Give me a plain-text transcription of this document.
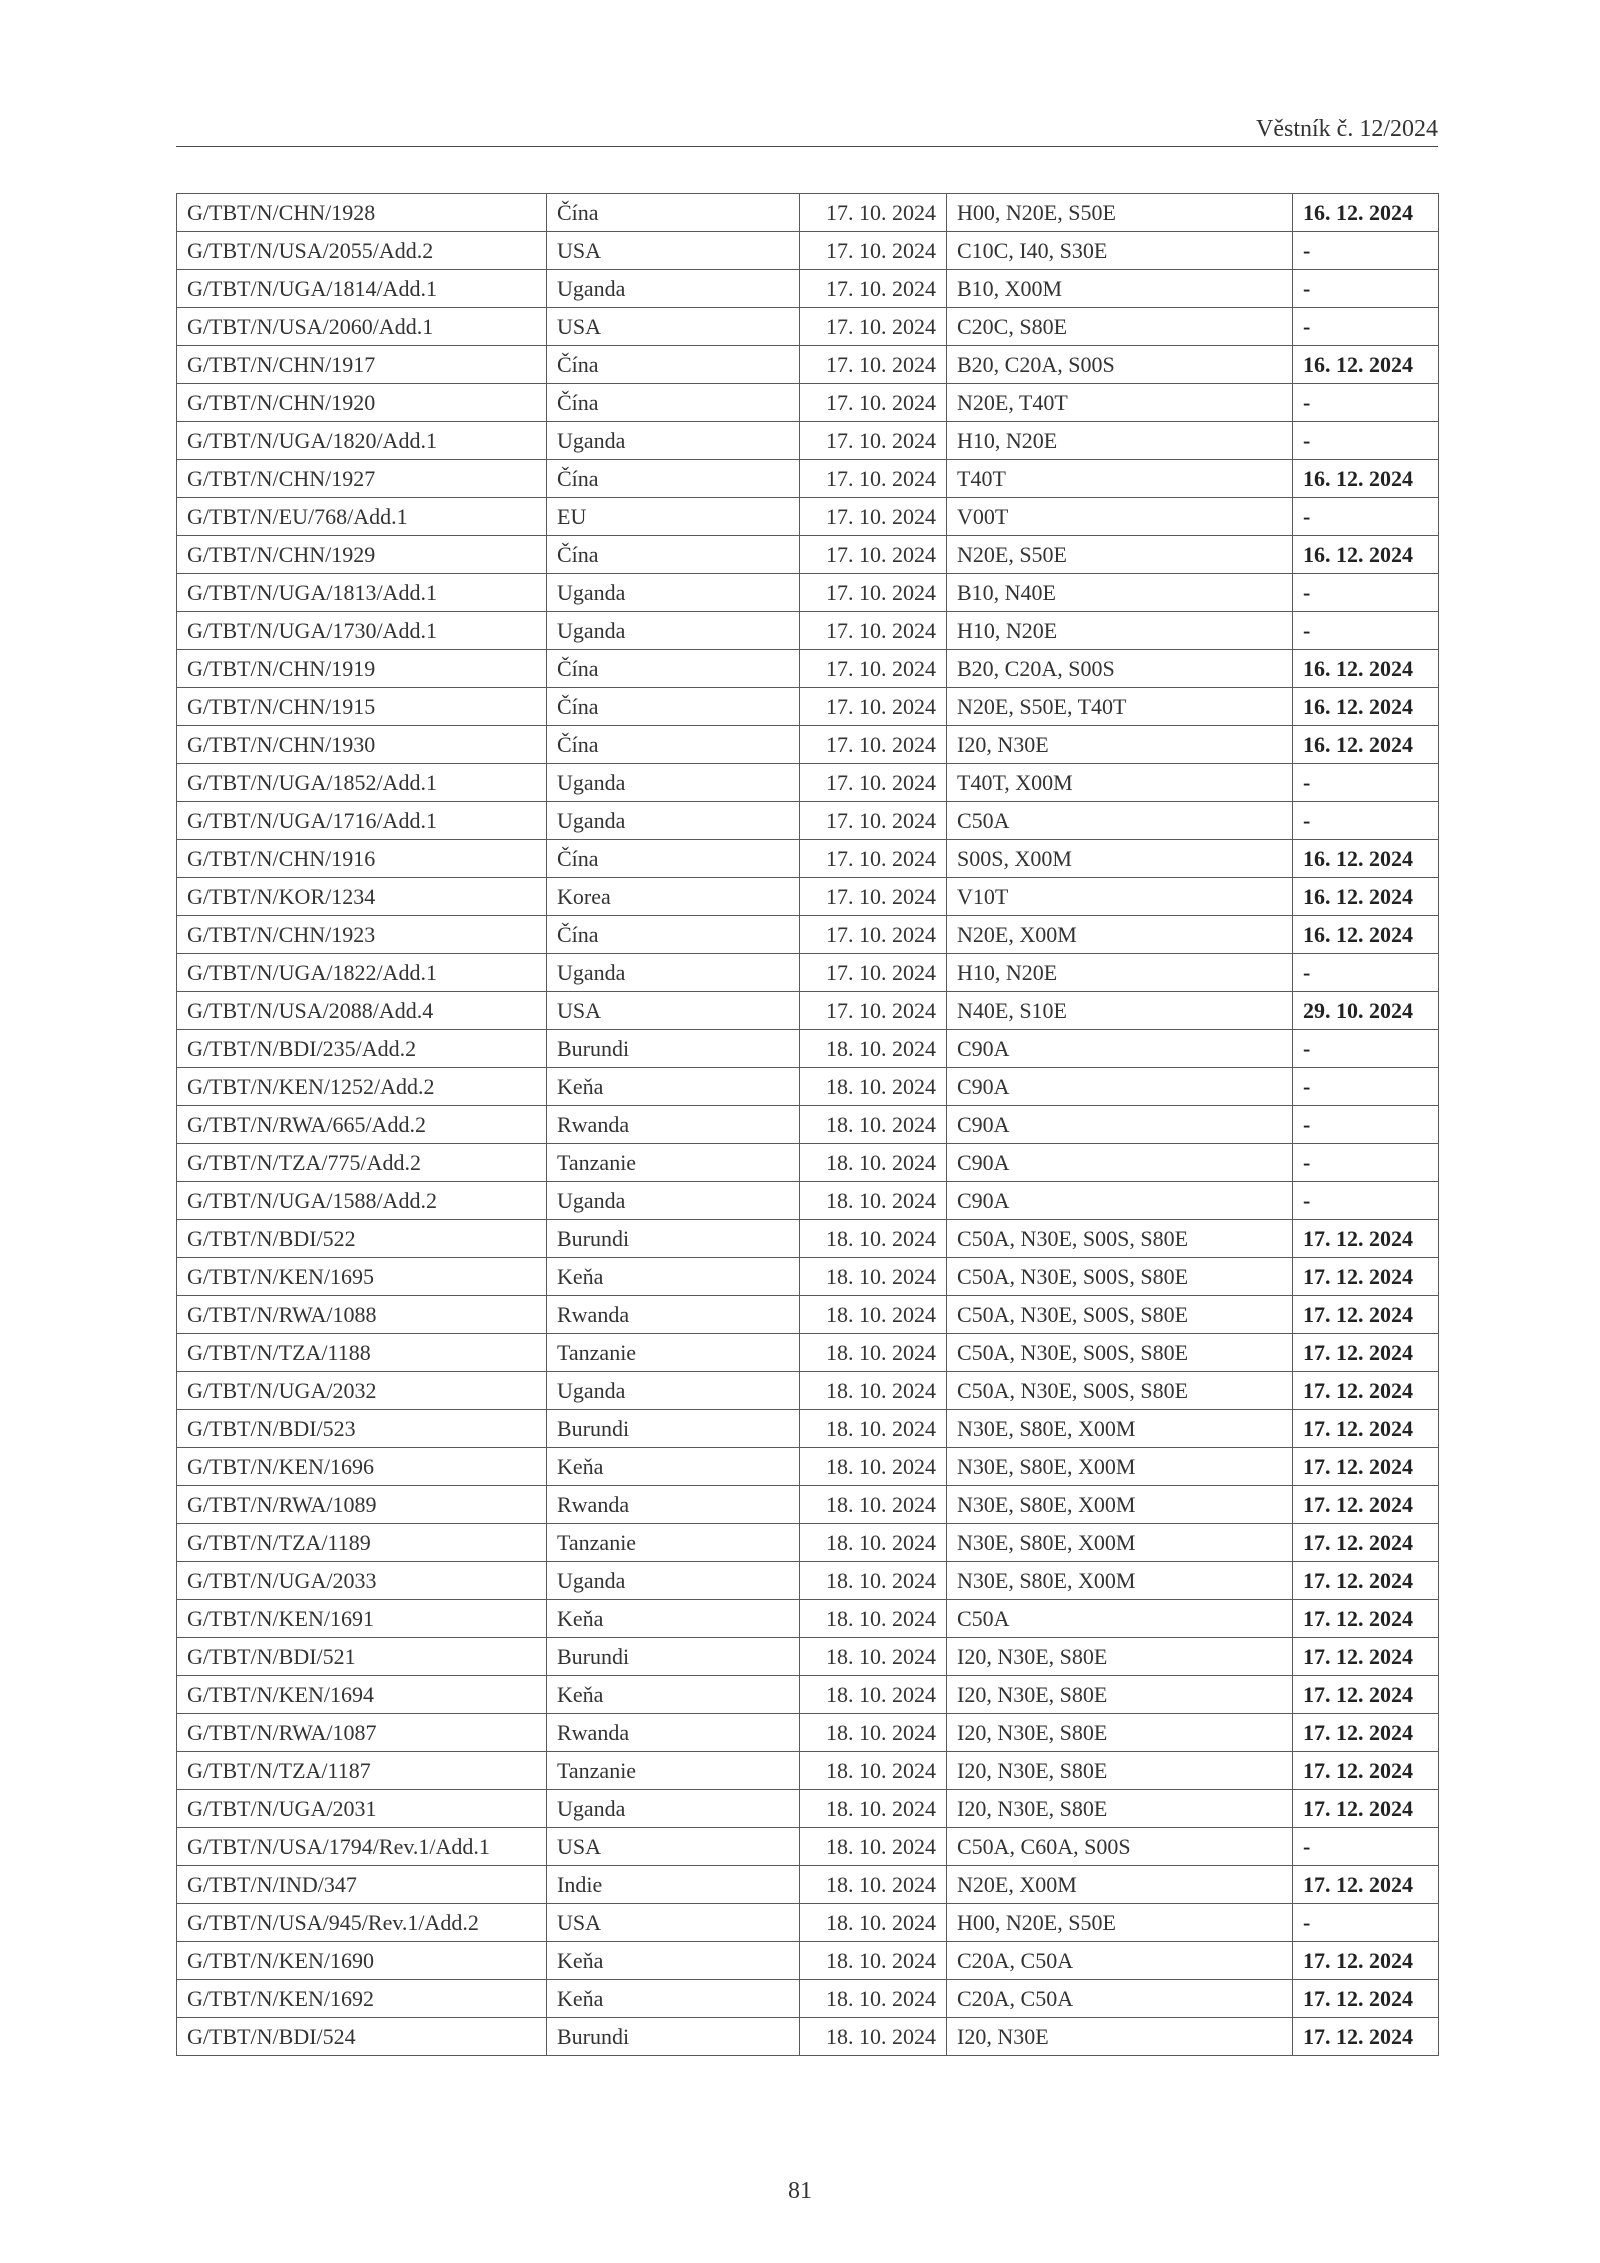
Věstník č. 12/2024
G/TBT/N/CHN/1928	Čína	17. 10. 2024	H00, N20E, S50E	16. 12. 2024
G/TBT/N/USA/2055/Add.2	USA	17. 10. 2024	C10C, I40, S30E	-
G/TBT/N/UGA/1814/Add.1	Uganda	17. 10. 2024	B10, X00M	-
G/TBT/N/USA/2060/Add.1	USA	17. 10. 2024	C20C, S80E	-
G/TBT/N/CHN/1917	Čína	17. 10. 2024	B20, C20A, S00S	16. 12. 2024
G/TBT/N/CHN/1920	Čína	17. 10. 2024	N20E, T40T	-
G/TBT/N/UGA/1820/Add.1	Uganda	17. 10. 2024	H10, N20E	-
G/TBT/N/CHN/1927	Čína	17. 10. 2024	T40T	16. 12. 2024
G/TBT/N/EU/768/Add.1	EU	17. 10. 2024	V00T	-
G/TBT/N/CHN/1929	Čína	17. 10. 2024	N20E, S50E	16. 12. 2024
G/TBT/N/UGA/1813/Add.1	Uganda	17. 10. 2024	B10, N40E	-
G/TBT/N/UGA/1730/Add.1	Uganda	17. 10. 2024	H10, N20E	-
G/TBT/N/CHN/1919	Čína	17. 10. 2024	B20, C20A, S00S	16. 12. 2024
G/TBT/N/CHN/1915	Čína	17. 10. 2024	N20E, S50E, T40T	16. 12. 2024
G/TBT/N/CHN/1930	Čína	17. 10. 2024	I20, N30E	16. 12. 2024
G/TBT/N/UGA/1852/Add.1	Uganda	17. 10. 2024	T40T, X00M	-
G/TBT/N/UGA/1716/Add.1	Uganda	17. 10. 2024	C50A	-
G/TBT/N/CHN/1916	Čína	17. 10. 2024	S00S, X00M	16. 12. 2024
G/TBT/N/KOR/1234	Korea	17. 10. 2024	V10T	16. 12. 2024
G/TBT/N/CHN/1923	Čína	17. 10. 2024	N20E, X00M	16. 12. 2024
G/TBT/N/UGA/1822/Add.1	Uganda	17. 10. 2024	H10, N20E	-
G/TBT/N/USA/2088/Add.4	USA	17. 10. 2024	N40E, S10E	29. 10. 2024
G/TBT/N/BDI/235/Add.2	Burundi	18. 10. 2024	C90A	-
G/TBT/N/KEN/1252/Add.2	Keňa	18. 10. 2024	C90A	-
G/TBT/N/RWA/665/Add.2	Rwanda	18. 10. 2024	C90A	-
G/TBT/N/TZA/775/Add.2	Tanzanie	18. 10. 2024	C90A	-
G/TBT/N/UGA/1588/Add.2	Uganda	18. 10. 2024	C90A	-
G/TBT/N/BDI/522	Burundi	18. 10. 2024	C50A, N30E, S00S, S80E	17. 12. 2024
G/TBT/N/KEN/1695	Keňa	18. 10. 2024	C50A, N30E, S00S, S80E	17. 12. 2024
G/TBT/N/RWA/1088	Rwanda	18. 10. 2024	C50A, N30E, S00S, S80E	17. 12. 2024
G/TBT/N/TZA/1188	Tanzanie	18. 10. 2024	C50A, N30E, S00S, S80E	17. 12. 2024
G/TBT/N/UGA/2032	Uganda	18. 10. 2024	C50A, N30E, S00S, S80E	17. 12. 2024
G/TBT/N/BDI/523	Burundi	18. 10. 2024	N30E, S80E, X00M	17. 12. 2024
G/TBT/N/KEN/1696	Keňa	18. 10. 2024	N30E, S80E, X00M	17. 12. 2024
G/TBT/N/RWA/1089	Rwanda	18. 10. 2024	N30E, S80E, X00M	17. 12. 2024
G/TBT/N/TZA/1189	Tanzanie	18. 10. 2024	N30E, S80E, X00M	17. 12. 2024
G/TBT/N/UGA/2033	Uganda	18. 10. 2024	N30E, S80E, X00M	17. 12. 2024
G/TBT/N/KEN/1691	Keňa	18. 10. 2024	C50A	17. 12. 2024
G/TBT/N/BDI/521	Burundi	18. 10. 2024	I20, N30E, S80E	17. 12. 2024
G/TBT/N/KEN/1694	Keňa	18. 10. 2024	I20, N30E, S80E	17. 12. 2024
G/TBT/N/RWA/1087	Rwanda	18. 10. 2024	I20, N30E, S80E	17. 12. 2024
G/TBT/N/TZA/1187	Tanzanie	18. 10. 2024	I20, N30E, S80E	17. 12. 2024
G/TBT/N/UGA/2031	Uganda	18. 10. 2024	I20, N30E, S80E	17. 12. 2024
G/TBT/N/USA/1794/Rev.1/Add.1	USA	18. 10. 2024	C50A, C60A, S00S	-
G/TBT/N/IND/347	Indie	18. 10. 2024	N20E, X00M	17. 12. 2024
G/TBT/N/USA/945/Rev.1/Add.2	USA	18. 10. 2024	H00, N20E, S50E	-
G/TBT/N/KEN/1690	Keňa	18. 10. 2024	C20A, C50A	17. 12. 2024
G/TBT/N/KEN/1692	Keňa	18. 10. 2024	C20A, C50A	17. 12. 2024
G/TBT/N/BDI/524	Burundi	18. 10. 2024	I20, N30E	17. 12. 2024
81
